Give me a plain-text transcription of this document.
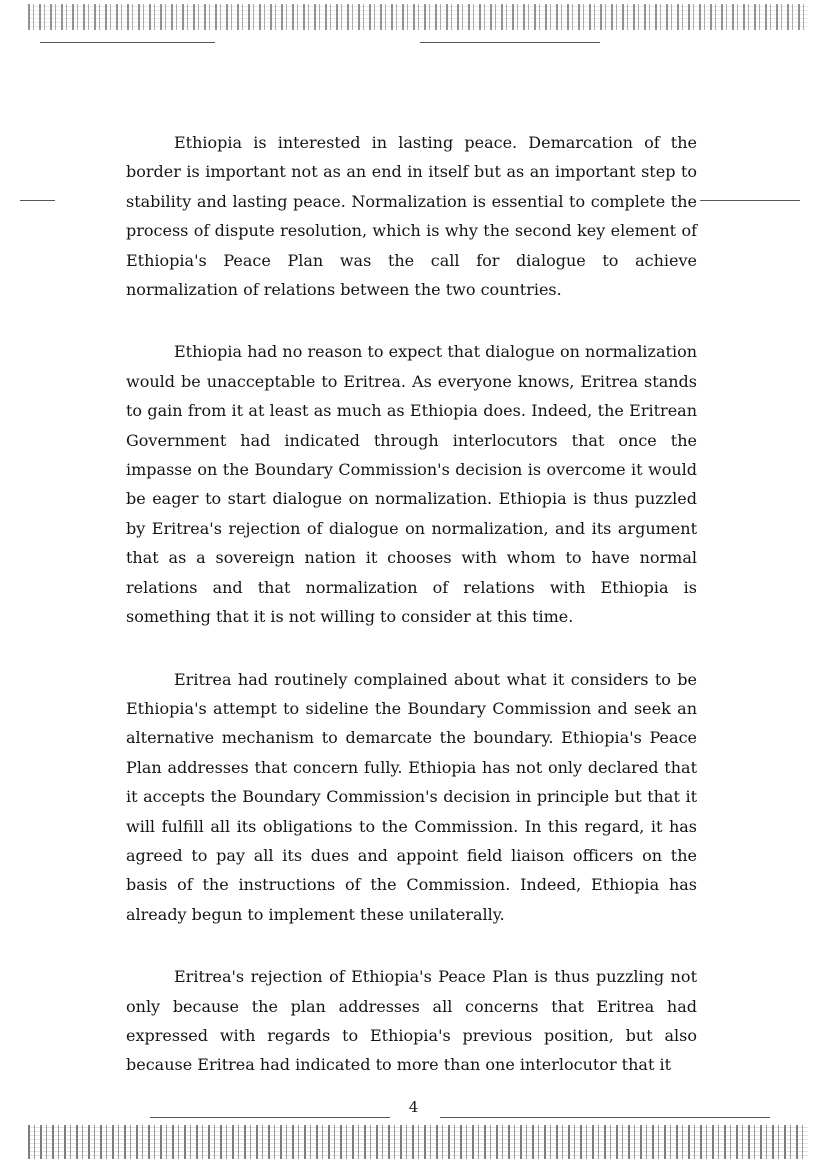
Ethiopia is interested in lasting peace. Demarcation of the border is important not as an end in itself but as an important step to stability and lasting peace. Normalization is essential to complete the process of dispute resolution, which is why the second key element of Ethiopia's Peace Plan was the call for dialogue to achieve normalization of relations between the two countries.

Ethiopia had no reason to expect that dialogue on normalization would be unacceptable to Eritrea. As everyone knows, Eritrea stands to gain from it at least as much as Ethiopia does. Indeed, the Eritrean Government had indicated through interlocutors that once the impasse on the Boundary Commission's decision is overcome it would be eager to start dialogue on normalization. Ethiopia is thus puzzled by Eritrea's rejection of dialogue on normalization, and its argument that as a sovereign nation it chooses with whom to have normal relations and that normalization of relations with Ethiopia is something that it is not willing to consider at this time.

Eritrea had routinely complained about what it considers to be Ethiopia's attempt to sideline the Boundary Commission and seek an alternative mechanism to demarcate the boundary. Ethiopia's Peace Plan addresses that concern fully. Ethiopia has not only declared that it accepts the Boundary Commission's decision in principle but that it will fulfill all its obligations to the Commission. In this regard, it has agreed to pay all its dues and appoint field liaison officers on the basis of the instructions of the Commission. Indeed, Ethiopia has already begun to implement these unilaterally.

Eritrea's rejection of Ethiopia's Peace Plan is thus puzzling not only because the plan addresses all concerns that Eritrea had expressed with regards to Ethiopia's previous position, but also because Eritrea had indicated to more than one interlocutor that it

4
